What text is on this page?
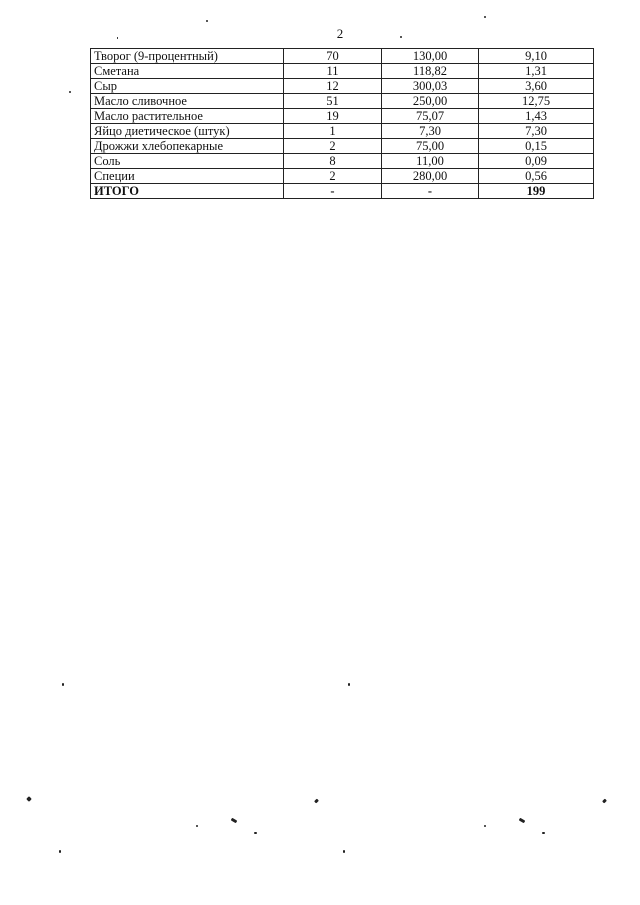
2
Творог (9-процентный)	70	130,00	9,10
Сметана	11	118,82	1,31
Сыр	12	300,03	3,60
Масло сливочное	51	250,00	12,75
Масло растительное	19	75,07	1,43
Яйцо диетическое (штук)	1	7,30	7,30
Дрожжи хлебопекарные	2	75,00	0,15
Соль	8	11,00	0,09
Специи	2	280,00	0,56
ИТОГО	-	-	199
